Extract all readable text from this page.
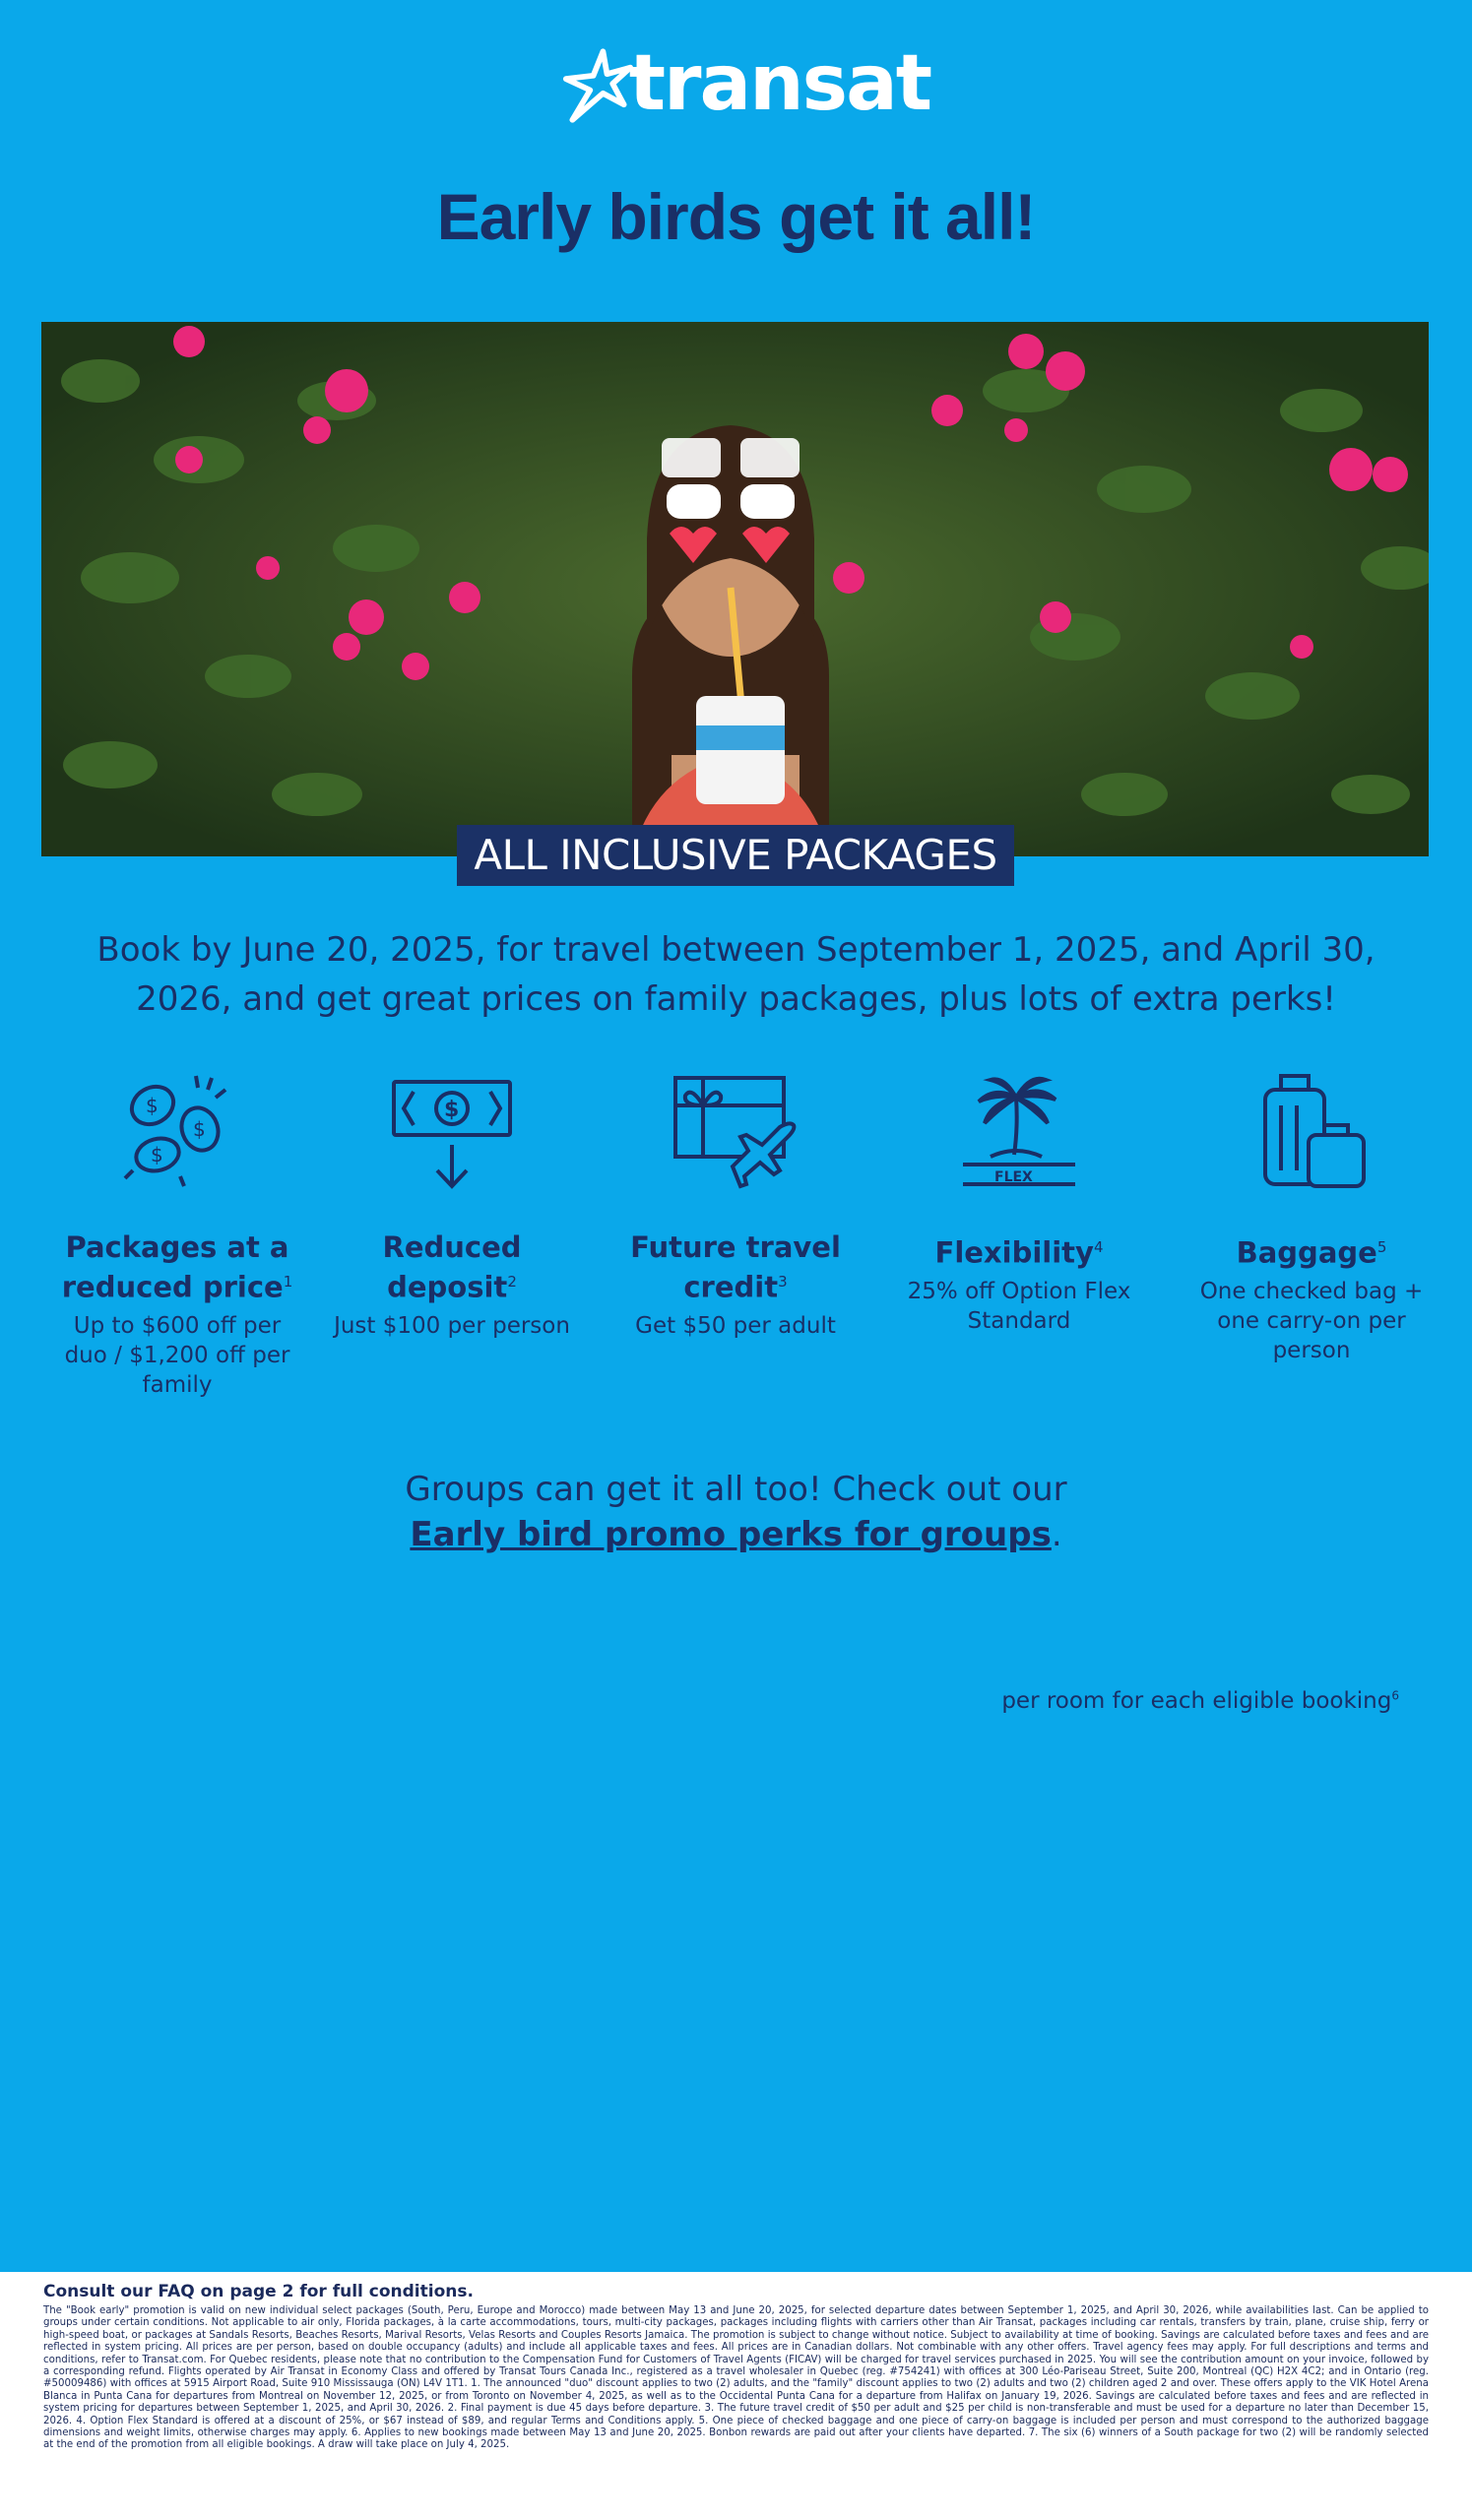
transat
Early birds get it all!
ALL INCLUSIVE PACKAGES
Book by June 20, 2025, for travel between September 1, 2025, and April 30, 2026, and get great prices on family packages, plus lots of extra perks!
$
$
$
Packages at a reduced price$^1$
Up to $600 off per duo / $1,200 off per family
$
Reduced deposit$^2$
Just $100 per person
Future travel credit$^3$
Get $50 per adult
FLEX
Flexibility$^4$
25% off Option Flex Standard
Baggage$^5$
One checked bag + one carry-on per person
Groups can get it all too! Check out our
Early bird promo perks for groups.
per room for each eligible booking$^6$
Consult our FAQ on page 2 for full conditions.
The "Book early" promotion is valid on new individual select packages (South, Peru, Europe and Morocco) made between May 13 and June 20, 2025, for selected departure dates between September 1, 2025, and April 30, 2026, while availabilities last. Can be applied to groups under certain conditions. Not applicable to air only, Florida packages, à la carte accommodations, tours, multi-city packages, packages including flights with carriers other than Air Transat, packages including car rentals, transfers by train, plane, cruise ship, ferry or high-speed boat, or packages at Sandals Resorts, Beaches Resorts, Marival Resorts, Velas Resorts and Couples Resorts Jamaica. The promotion is subject to change without notice. Subject to availability at time of booking. Savings are calculated before taxes and fees and are reflected in system pricing. All prices are per person, based on double occupancy (adults) and include all applicable taxes and fees. All prices are in Canadian dollars. Not combinable with any other offers. Travel agency fees may apply. For full descriptions and terms and conditions, refer to Transat.com. For Quebec residents, please note that no contribution to the Compensation Fund for Customers of Travel Agents (FICAV) will be charged for travel services purchased in 2025. You will see the contribution amount on your invoice, followed by a corresponding refund. Flights operated by Air Transat in Economy Class and offered by Transat Tours Canada Inc., registered as a travel wholesaler in Quebec (reg. #754241) with offices at 300 Léo-Pariseau Street, Suite 200, Montreal (QC) H2X 4C2; and in Ontario (reg. #50009486) with offices at 5915 Airport Road, Suite 910 Mississauga (ON) L4V 1T1. 1. The announced "duo" discount applies to two (2) adults, and the "family" discount applies to two (2) adults and two (2) children aged 2 and over. These offers apply to the VIK Hotel Arena Blanca in Punta Cana for departures from Montreal on November 12, 2025, or from Toronto on November 4, 2025, as well as to the Occidental Punta Cana for a departure from Halifax on January 19, 2026. Savings are calculated before taxes and fees and are reflected in system pricing for departures between September 1, 2025, and April 30, 2026. 2. Final payment is due 45 days before departure. 3. The future travel credit of $50 per adult and $25 per child is non-transferable and must be used for a departure no later than December 15, 2026. 4. Option Flex Standard is offered at a discount of 25%, or $67 instead of $89, and regular Terms and Conditions apply. 5. One piece of checked baggage and one piece of carry-on baggage is included per person and must correspond to the authorized baggage dimensions and weight limits, otherwise charges may apply. 6. Applies to new bookings made between May 13 and June 20, 2025. Bonbon rewards are paid out after your clients have departed. 7. The six (6) winners of a South package for two (2) will be randomly selected at the end of the promotion from all eligible bookings. A draw will take place on July 4, 2025.
